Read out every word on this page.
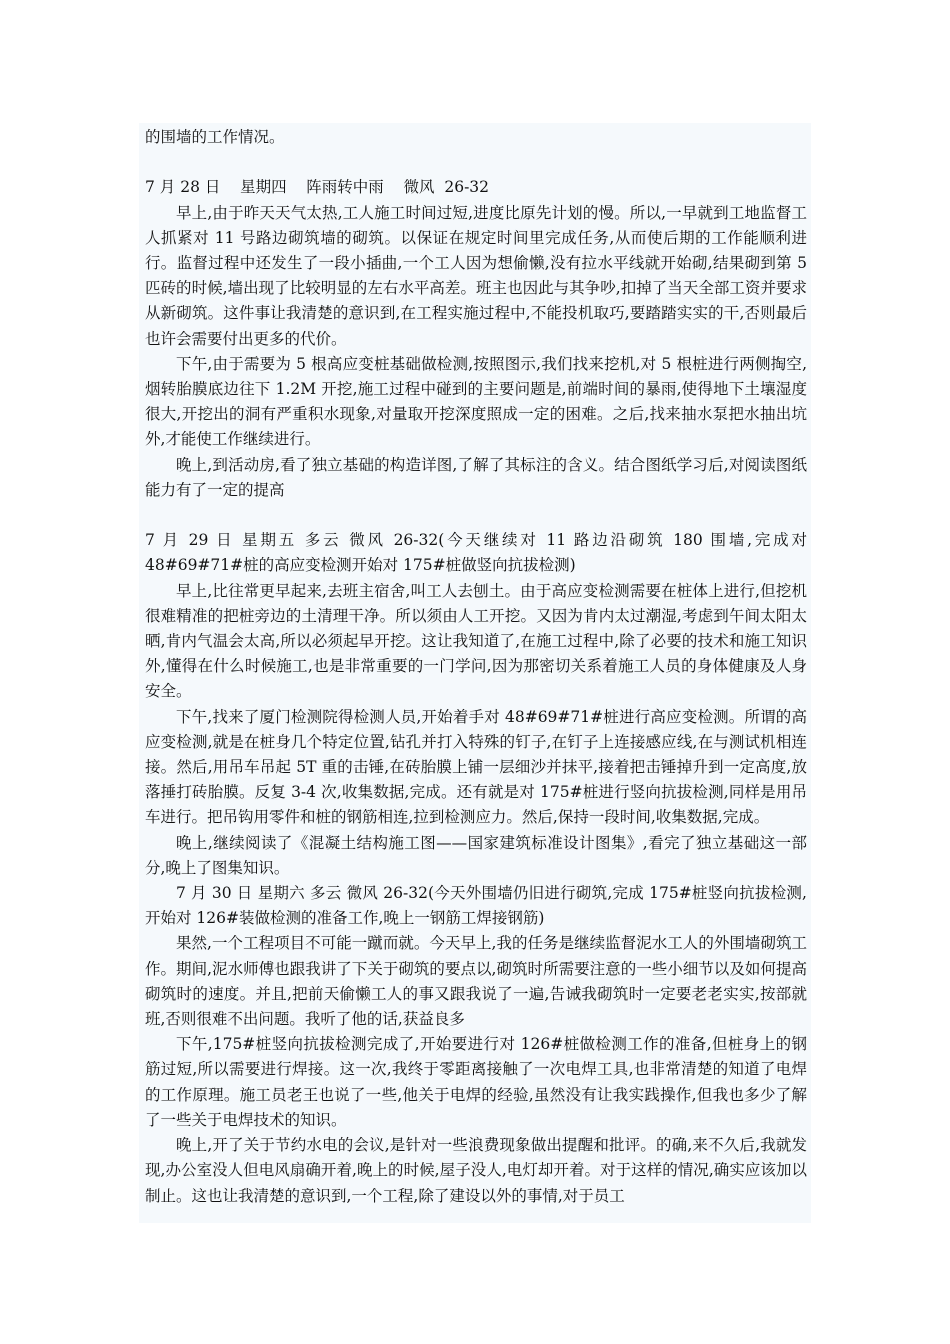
的围墙的工作情况。

7 月 28 日    星期四    阵雨转中雨    微风  26-32

早上,由于昨天天气太热,工人施工时间过短,进度比原先计划的慢。所以,一早就到工地监督工人抓紧对 11 号路边砌筑墙的砌筑。以保证在规定时间里完成任务,从而使后期的工作能顺利进行。监督过程中还发生了一段小插曲,一个工人因为想偷懒,没有拉水平线就开始砌,结果砌到第 5 匹砖的时候,墙出现了比较明显的左右水平高差。班主也因此与其争吵,扣掉了当天全部工资并要求从新砌筑。这件事让我清楚的意识到,在工程实施过程中,不能投机取巧,要踏踏实实的干,否则最后也许会需要付出更多的代价。

下午,由于需要为 5 根高应变桩基础做检测,按照图示,我们找来挖机,对 5 根桩进行两侧掏空,烟转胎膜底边往下 1.2M 开挖,施工过程中碰到的主要问题是,前端时间的暴雨,使得地下土壤湿度很大,开挖出的洞有严重积水现象,对量取开挖深度照成一定的困难。之后,找来抽水泵把水抽出坑外,才能使工作继续进行。

晚上,到活动房,看了独立基础的构造详图,了解了其标注的含义。结合图纸学习后,对阅读图纸能力有了一定的提高

7 月 29 日 星期五 多云 微风 26-32(今天继续对 11 路边沿砌筑 180 围墙,完成对 48#69#71#桩的高应变检测开始对 175#桩做竖向抗拔检测)

早上,比往常更早起来,去班主宿舍,叫工人去刨土。由于高应变检测需要在桩体上进行,但挖机很难精准的把桩旁边的土清理干净。所以须由人工开挖。又因为肯内太过潮湿,考虑到午间太阳太晒,肯内气温会太高,所以必须起早开挖。这让我知道了,在施工过程中,除了必要的技术和施工知识外,懂得在什么时候施工,也是非常重要的一门学问,因为那密切关系着施工人员的身体健康及人身安全。

下午,找来了厦门检测院得检测人员,开始着手对 48#69#71#桩进行高应变检测。所谓的高应变检测,就是在桩身几个特定位置,钻孔并打入特殊的钉子,在钉子上连接感应线,在与测试机相连接。然后,用吊车吊起 5T 重的击锤,在砖胎膜上铺一层细沙并抹平,接着把击锤掉升到一定高度,放落捶打砖胎膜。反复 3-4 次,收集数据,完成。还有就是对 175#桩进行竖向抗拔检测,同样是用吊车进行。把吊钩用零件和桩的钢筋相连,拉到检测应力。然后,保持一段时间,收集数据,完成。

晚上,继续阅读了《混凝土结构施工图——国家建筑标准设计图集》,看完了独立基础这一部分,晚上了图集知识。

7 月 30 日 星期六 多云 微风 26-32(今天外围墙仍旧进行砌筑,完成 175#桩竖向抗拔检测,开始对 126#装做检测的准备工作,晚上一钢筋工焊接钢筋)

果然,一个工程项目不可能一蹴而就。今天早上,我的任务是继续监督泥水工人的外围墙砌筑工作。期间,泥水师傅也跟我讲了下关于砌筑的要点以,砌筑时所需要注意的一些小细节以及如何提高砌筑时的速度。并且,把前天偷懒工人的事又跟我说了一遍,告诫我砌筑时一定要老老实实,按部就班,否则很难不出问题。我听了他的话,获益良多

下午,175#桩竖向抗拔检测完成了,开始要进行对 126#桩做检测工作的准备,但桩身上的钢筋过短,所以需要进行焊接。这一次,我终于零距离接触了一次电焊工具,也非常清楚的知道了电焊的工作原理。施工员老王也说了一些,他关于电焊的经验,虽然没有让我实践操作,但我也多少了解了一些关于电焊技术的知识。

晚上,开了关于节约水电的会议,是针对一些浪费现象做出提醒和批评。的确,来不久后,我就发现,办公室没人但电风扇确开着,晚上的时候,屋子没人,电灯却开着。对于这样的情况,确实应该加以制止。这也让我清楚的意识到,一个工程,除了建设以外的事情,对于员工
